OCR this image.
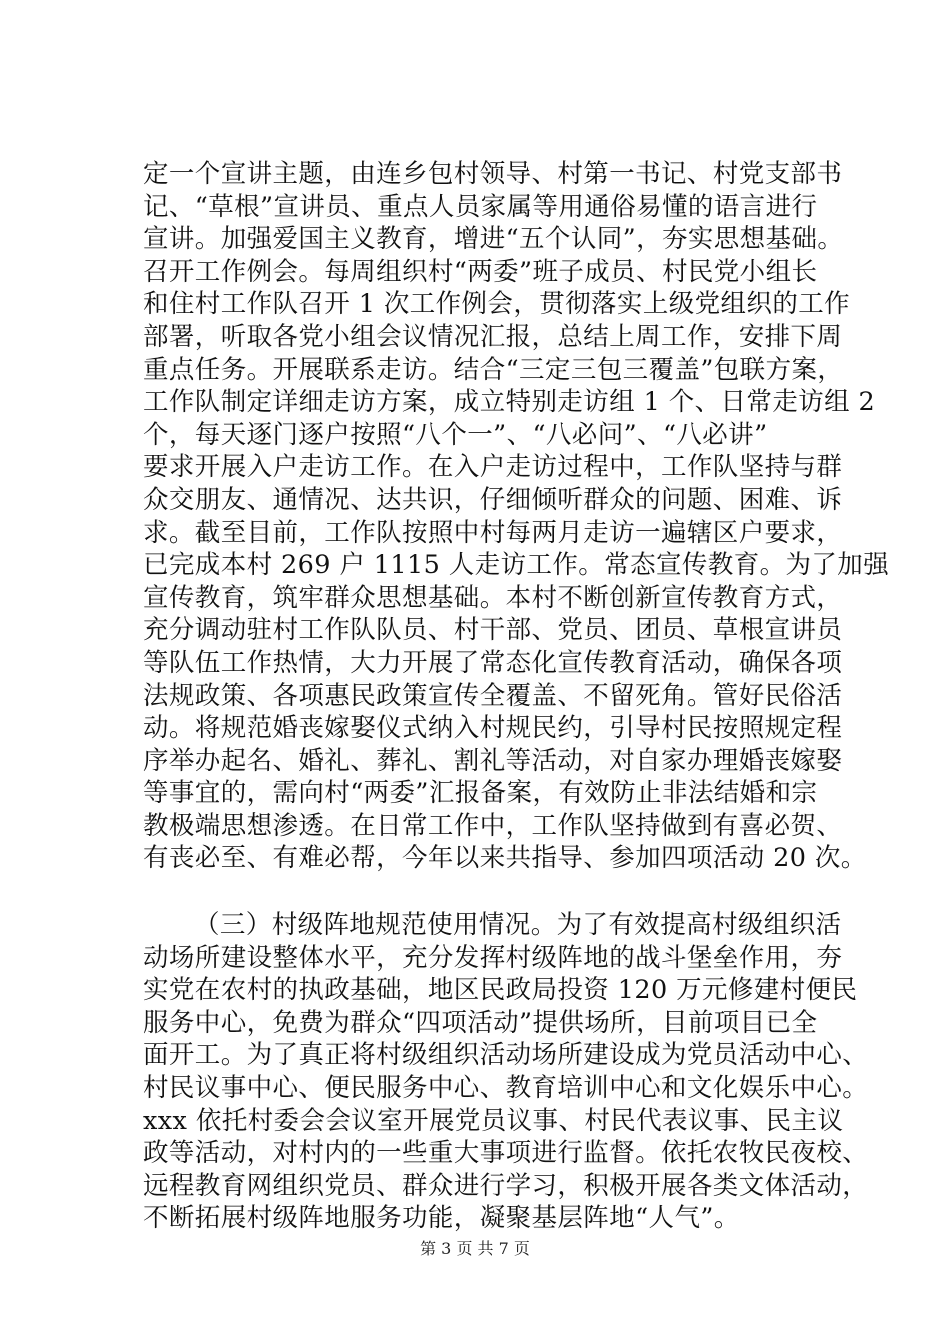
定一个宣讲主题，由连乡包村领导、村第一书记、村党支部书
记、“草根”宣讲员、重点人员家属等用通俗易懂的语言进行
宣讲。加强爱国主义教育，增进“五个认同”，夯实思想基础。
召开工作例会。每周组织村“两委”班子成员、村民党小组长
和住村工作队召开 1 次工作例会，贯彻落实上级党组织的工作
部署，听取各党小组会议情况汇报，总结上周工作，安排下周
重点任务。开展联系走访。结合“三定三包三覆盖”包联方案，
工作队制定详细走访方案，成立特别走访组 1 个、日常走访组 2
个，每天逐门逐户按照“八个一”、“八必问”、“八必讲”
要求开展入户走访工作。在入户走访过程中，工作队坚持与群
众交朋友、通情况、达共识，仔细倾听群众的问题、困难、诉
求。截至目前，工作队按照中村每两月走访一遍辖区户要求，
已完成本村 269 户 1115 人走访工作。常态宣传教育。为了加强
宣传教育，筑牢群众思想基础。本村不断创新宣传教育方式，
充分调动驻村工作队队员、村干部、党员、团员、草根宣讲员
等队伍工作热情，大力开展了常态化宣传教育活动，确保各项
法规政策、各项惠民政策宣传全覆盖、不留死角。管好民俗活
动。将规范婚丧嫁娶仪式纳入村规民约，引导村民按照规定程
序举办起名、婚礼、葬礼、割礼等活动，对自家办理婚丧嫁娶
等事宜的，需向村“两委”汇报备案，有效防止非法结婚和宗
教极端思想渗透。在日常工作中，工作队坚持做到有喜必贺、
有丧必至、有难必帮，今年以来共指导、参加四项活动 20 次。
（三）村级阵地规范使用情况。为了有效提高村级组织活
动场所建设整体水平，充分发挥村级阵地的战斗堡垒作用，夯
实党在农村的执政基础，地区民政局投资 120 万元修建村便民
服务中心，免费为群众“四项活动”提供场所，目前项目已全
面开工。为了真正将村级组织活动场所建设成为党员活动中心、
村民议事中心、便民服务中心、教育培训中心和文化娱乐中心。
xxx 依托村委会会议室开展党员议事、村民代表议事、民主议
政等活动，对村内的一些重大事项进行监督。依托农牧民夜校、
远程教育网组织党员、群众进行学习，积极开展各类文体活动，
不断拓展村级阵地服务功能，凝聚基层阵地“人气”。
第 3 页 共 7 页
